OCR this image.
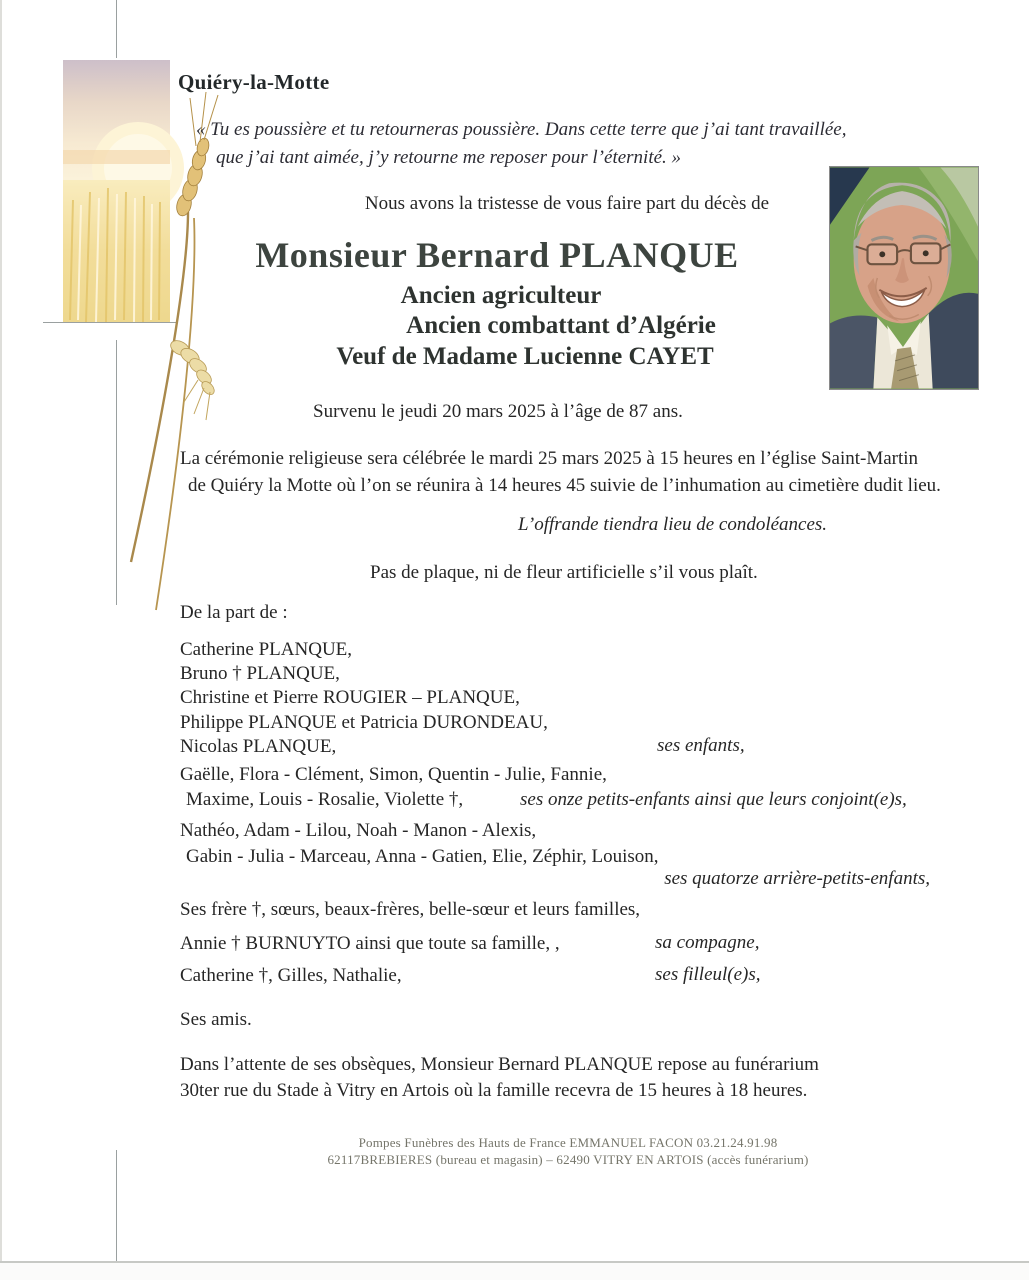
Quiéry-la-Motte
« Tu es poussière et tu retourneras poussière. Dans cette terre que j’ai tant travaillée,
que j’ai tant aimée, j’y retourne me reposer pour l’éternité. »
Nous avons la tristesse de vous faire part du décès de
Monsieur Bernard PLANQUE
Ancien agriculteur
Ancien combattant d’Algérie
Veuf de Madame Lucienne CAYET
Survenu le jeudi 20 mars 2025 à l’âge de 87 ans.
La cérémonie religieuse sera célébrée le mardi 25 mars 2025 à 15 heures en l’église Saint-Martin
de Quiéry la Motte où l’on se réunira à 14 heures 45 suivie de l’inhumation au cimetière dudit lieu.
L’offrande tiendra lieu de condoléances.
Pas de plaque, ni de fleur artificielle s’il vous plaît.
De la part de :
Catherine PLANQUE,
Bruno † PLANQUE,
Christine et Pierre ROUGIER – PLANQUE,
Philippe PLANQUE et Patricia DURONDEAU,
Nicolas PLANQUE,	ses enfants,
Gaëlle, Flora - Clément, Simon, Quentin - Julie, Fannie,
Maxime, Louis - Rosalie, Violette †,	ses onze petits-enfants ainsi que leurs conjoint(e)s,
Nathéo, Adam - Lilou, Noah - Manon - Alexis,
Gabin - Julia - Marceau, Anna - Gatien, Elie, Zéphir, Louison,
ses quatorze arrière-petits-enfants,
Ses frère †, sœurs, beaux-frères, belle-sœur et leurs familles,
Annie † BURNUYTO ainsi que toute sa famille, ,	sa compagne,
Catherine †, Gilles, Nathalie,	ses filleul(e)s,
Ses amis.
Dans l’attente de ses obsèques, Monsieur Bernard PLANQUE repose au funérarium
30ter rue du Stade à Vitry en Artois où la famille recevra de 15 heures à 18 heures.
Pompes Funèbres des Hauts de France EMMANUEL FACON 03.21.24.91.98
62117BREBIERES (bureau et magasin) – 62490 VITRY EN ARTOIS (accès funérarium)
